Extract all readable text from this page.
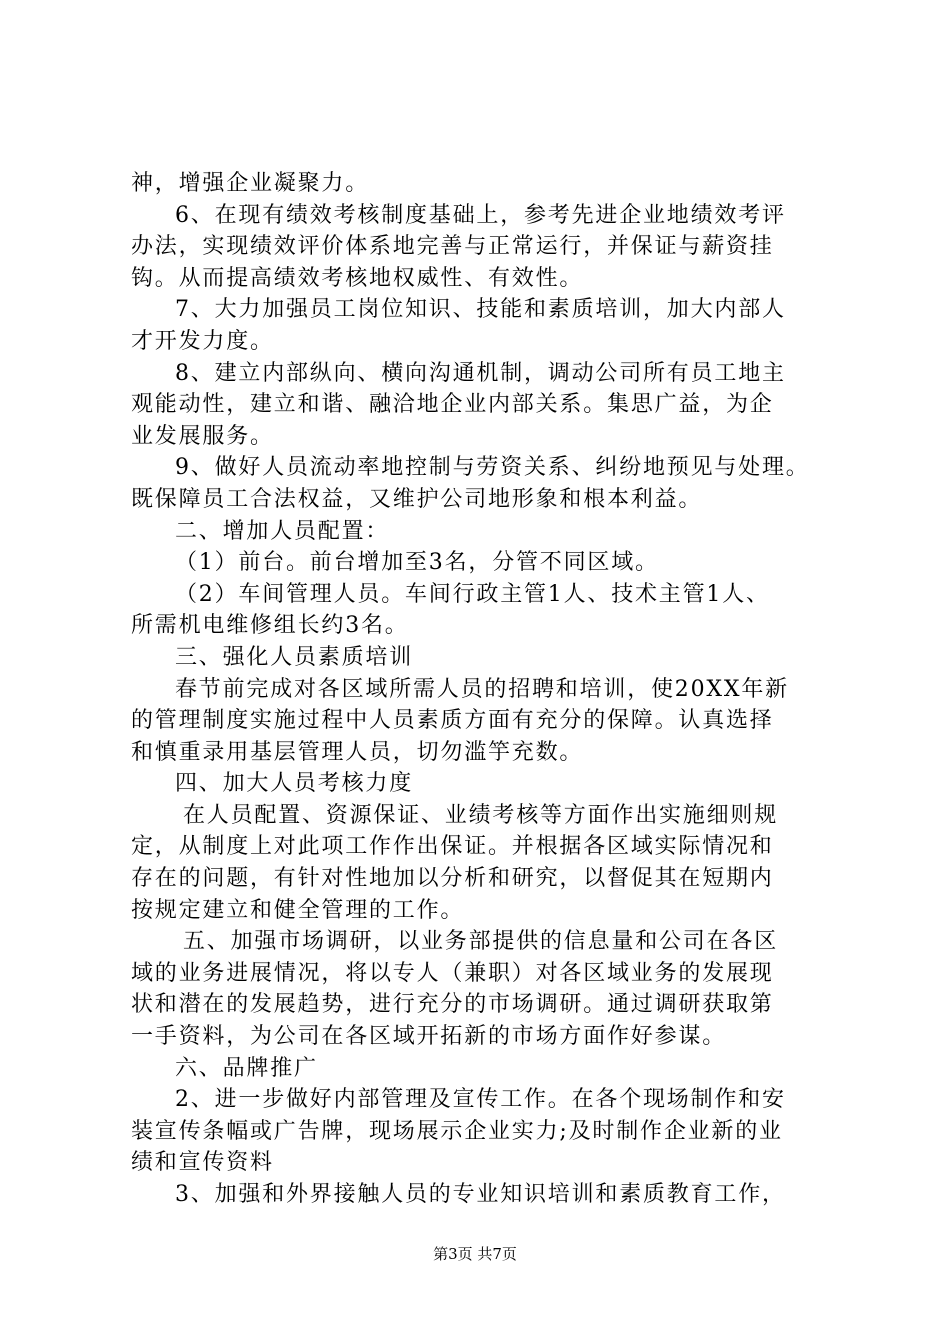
神，增强企业凝聚力。
6、在现有绩效考核制度基础上，参考先进企业地绩效考评
办法，实现绩效评价体系地完善与正常运行，并保证与薪资挂
钩。从而提高绩效考核地权威性、有效性。
7、大力加强员工岗位知识、技能和素质培训，加大内部人
才开发力度。
8、建立内部纵向、横向沟通机制，调动公司所有员工地主
观能动性，建立和谐、融洽地企业内部关系。集思广益，为企
业发展服务。
9、做好人员流动率地控制与劳资关系、纠纷地预见与处理。
既保障员工合法权益，又维护公司地形象和根本利益。
二、增加人员配置：
（1）前台。前台增加至3名，分管不同区域。
（2）车间管理人员。车间行政主管1人、技术主管1人、
所需机电维修组长约3名。
三、强化人员素质培训
春节前完成对各区域所需人员的招聘和培训，使20XX年新
的管理制度实施过程中人员素质方面有充分的保障。认真选择
和慎重录用基层管理人员，切勿滥竽充数。
四、加大人员考核力度
在人员配置、资源保证、业绩考核等方面作出实施细则规
定，从制度上对此项工作作出保证。并根据各区域实际情况和
存在的问题，有针对性地加以分析和研究，以督促其在短期内
按规定建立和健全管理的工作。
五、加强市场调研，以业务部提供的信息量和公司在各区
域的业务进展情况，将以专人（兼职）对各区域业务的发展现
状和潜在的发展趋势，进行充分的市场调研。通过调研获取第
一手资料，为公司在各区域开拓新的市场方面作好参谋。
六、品牌推广
2、进一步做好内部管理及宣传工作。在各个现场制作和安
装宣传条幅或广告牌，现场展示企业实力;及时制作企业新的业
绩和宣传资料
3、加强和外界接触人员的专业知识培训和素质教育工作，
第3页 共7页
